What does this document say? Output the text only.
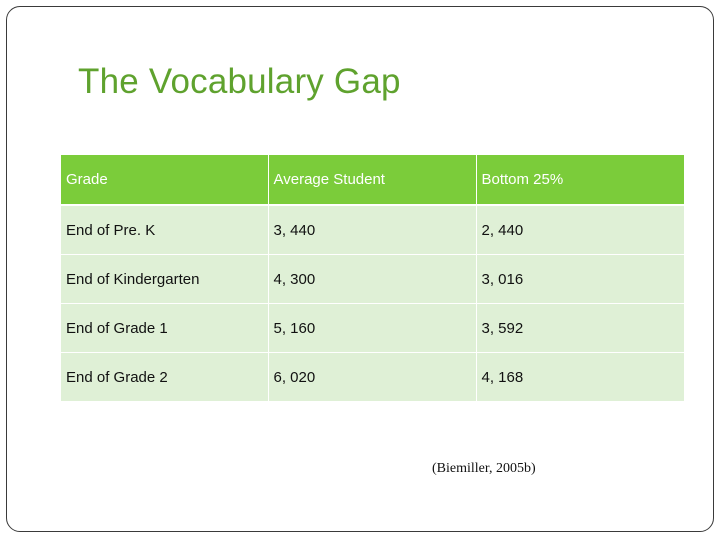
The Vocabulary Gap
Grade	Average Student	Bottom 25%
End of Pre. K	3, 440	2, 440
End of Kindergarten	4, 300	3, 016
End of Grade 1	5, 160	3, 592
End of Grade 2	6, 020	4, 168
(Biemiller, 2005b)
